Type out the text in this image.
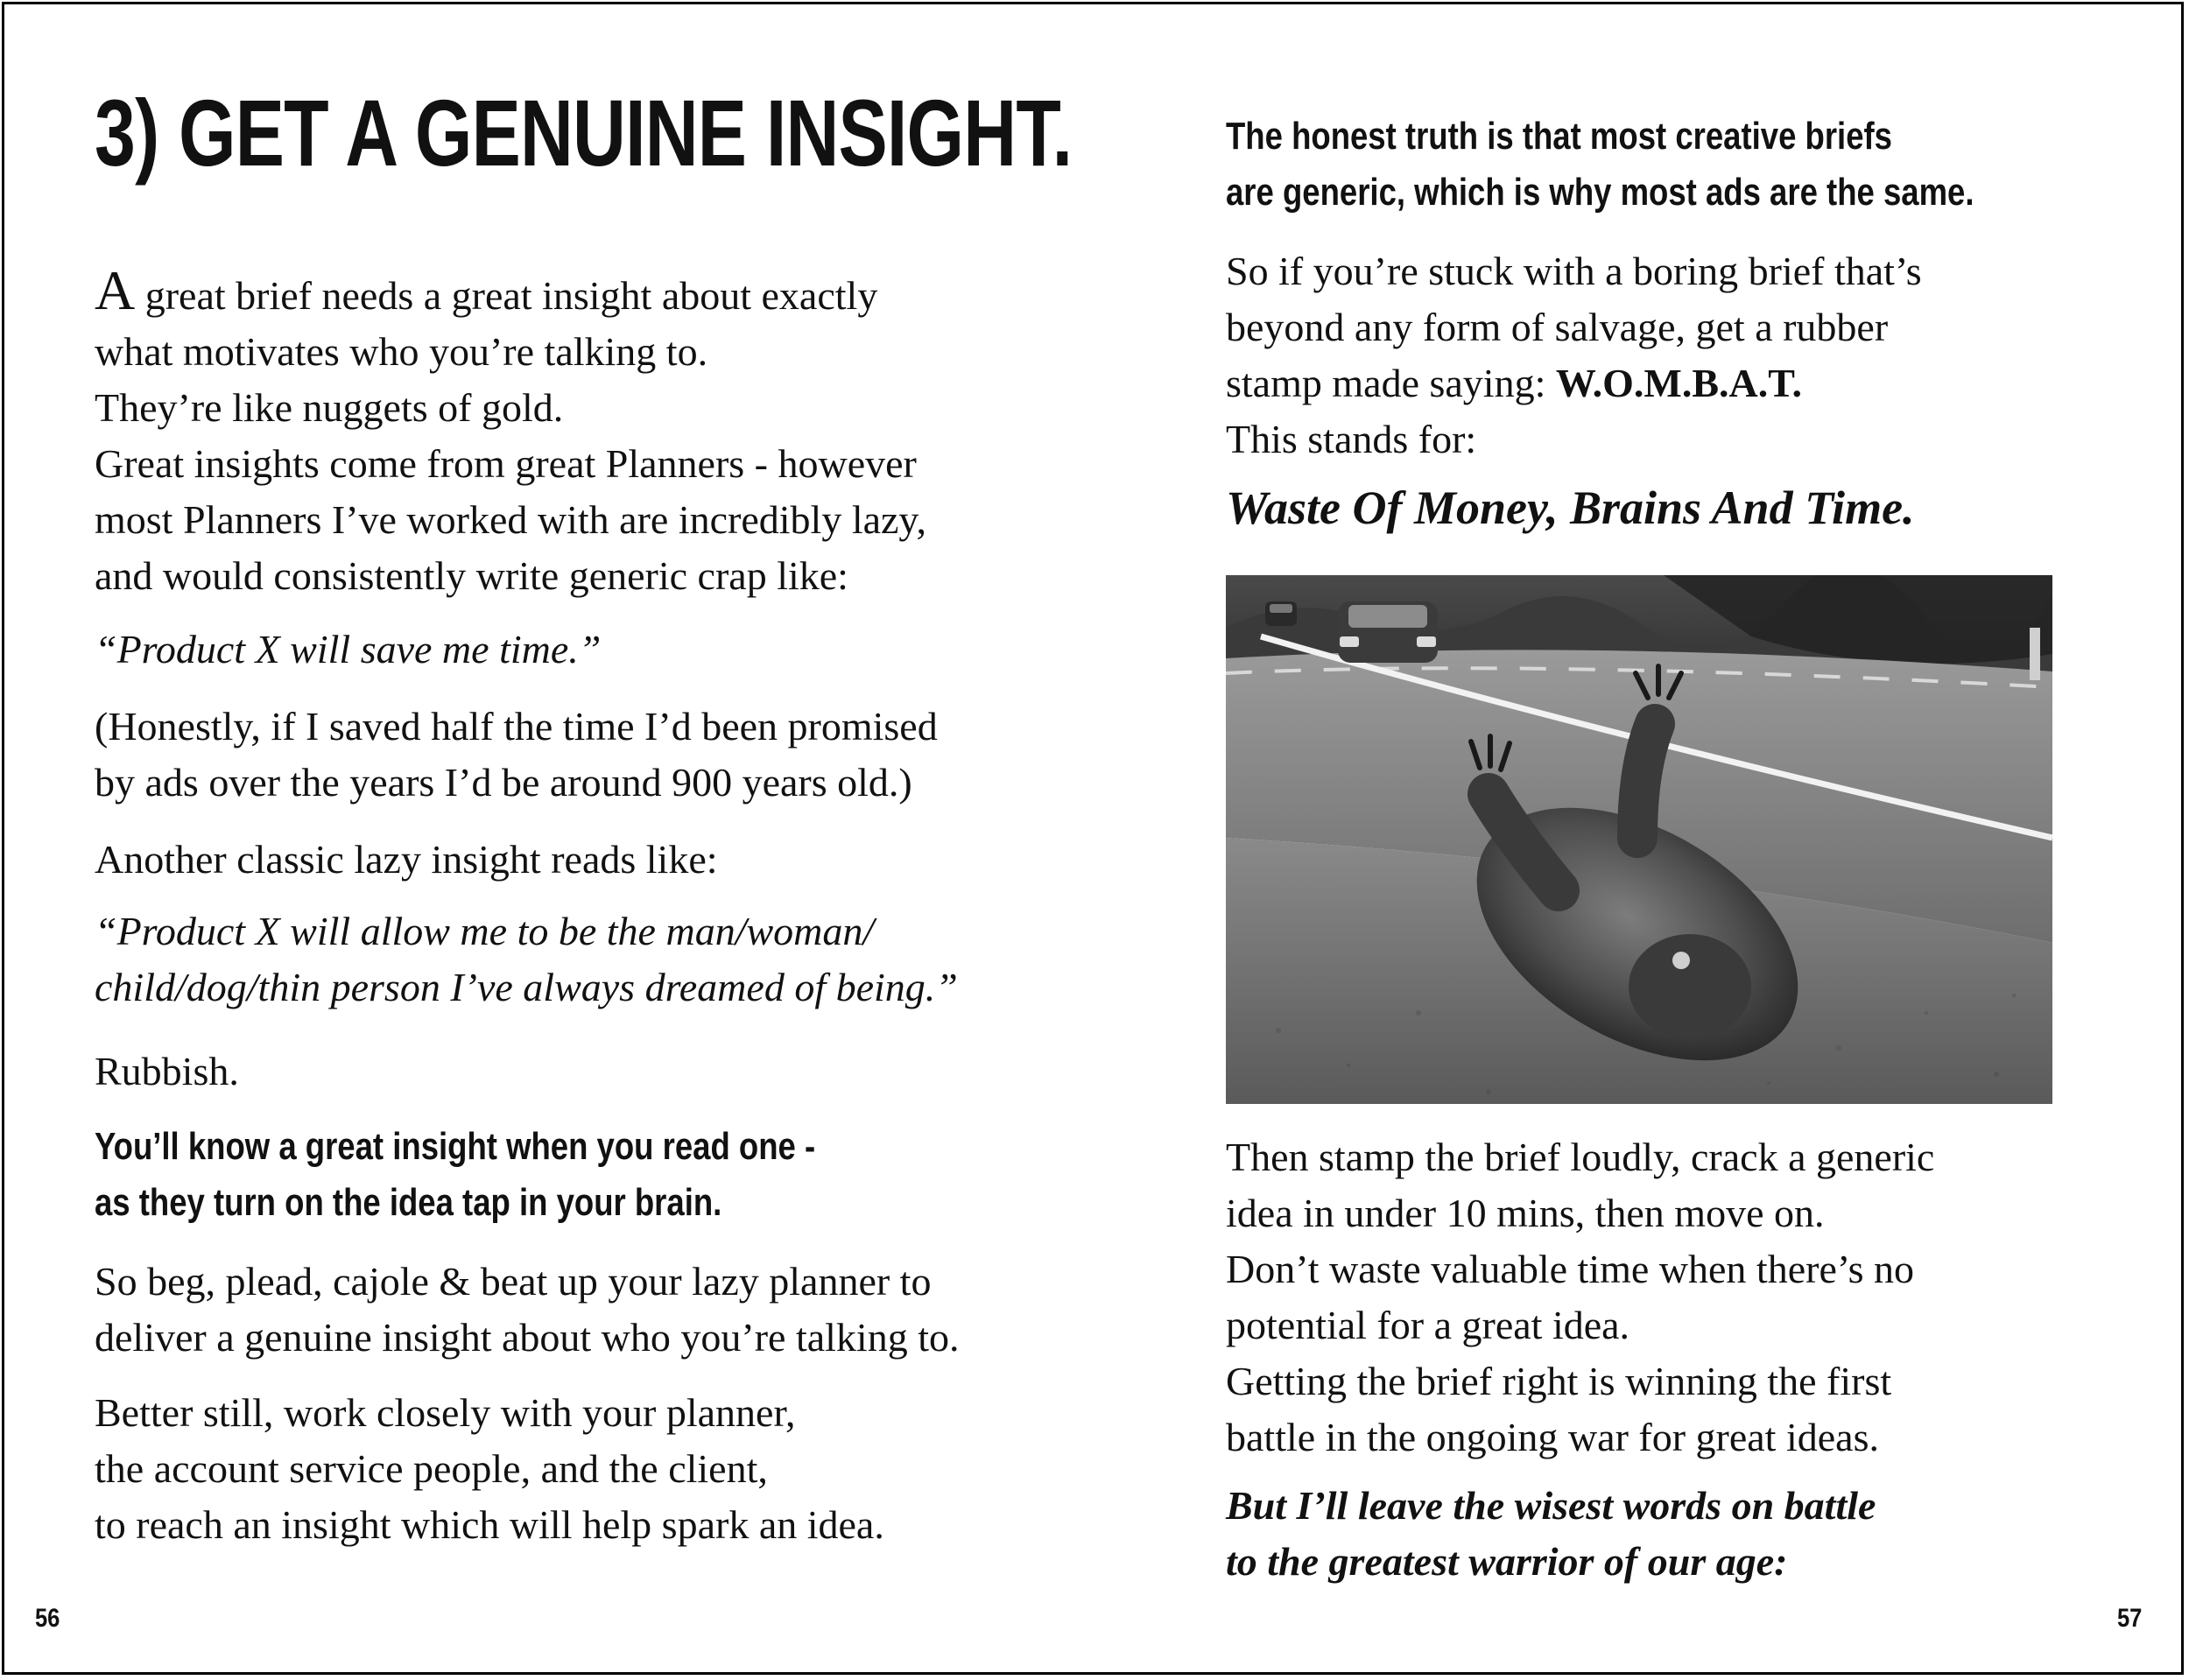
3) GET A GENUINE INSIGHT.
A great brief needs a great insight about exactly
what motivates who you’re talking to.
They’re like nuggets of gold.
Great insights come from great Planners - however
most Planners I’ve worked with are incredibly lazy,
and would consistently write generic crap like:
“Product X will save me time.”
(Honestly, if I saved half the time I’d been promised
by ads over the years I’d be around 900 years old.)
Another classic lazy insight reads like:
“Product X will allow me to be the man/woman/
child/dog/thin person I’ve always dreamed of being.”
Rubbish.
You’ll know a great insight when you read one -
as they turn on the idea tap in your brain.
So beg, plead, cajole & beat up your lazy planner to
deliver a genuine insight about who you’re talking to.
Better still, work closely with your planner,
the account service people, and the client,
to reach an insight which will help spark an idea.
56
The honest truth is that most creative briefs
are generic, which is why most ads are the same.
So if you’re stuck with a boring brief that’s
beyond any form of salvage, get a rubber
stamp made saying: W.O.M.B.A.T.
This stands for:
Waste Of Money, Brains And Time.
Then stamp the brief loudly, crack a generic
idea in under 10 mins, then move on.
Don’t waste valuable time when there’s no
potential for a great idea.
Getting the brief right is winning the first
battle in the ongoing war for great ideas.
But I’ll leave the wisest words on battle
to the greatest warrior of our age:
57
